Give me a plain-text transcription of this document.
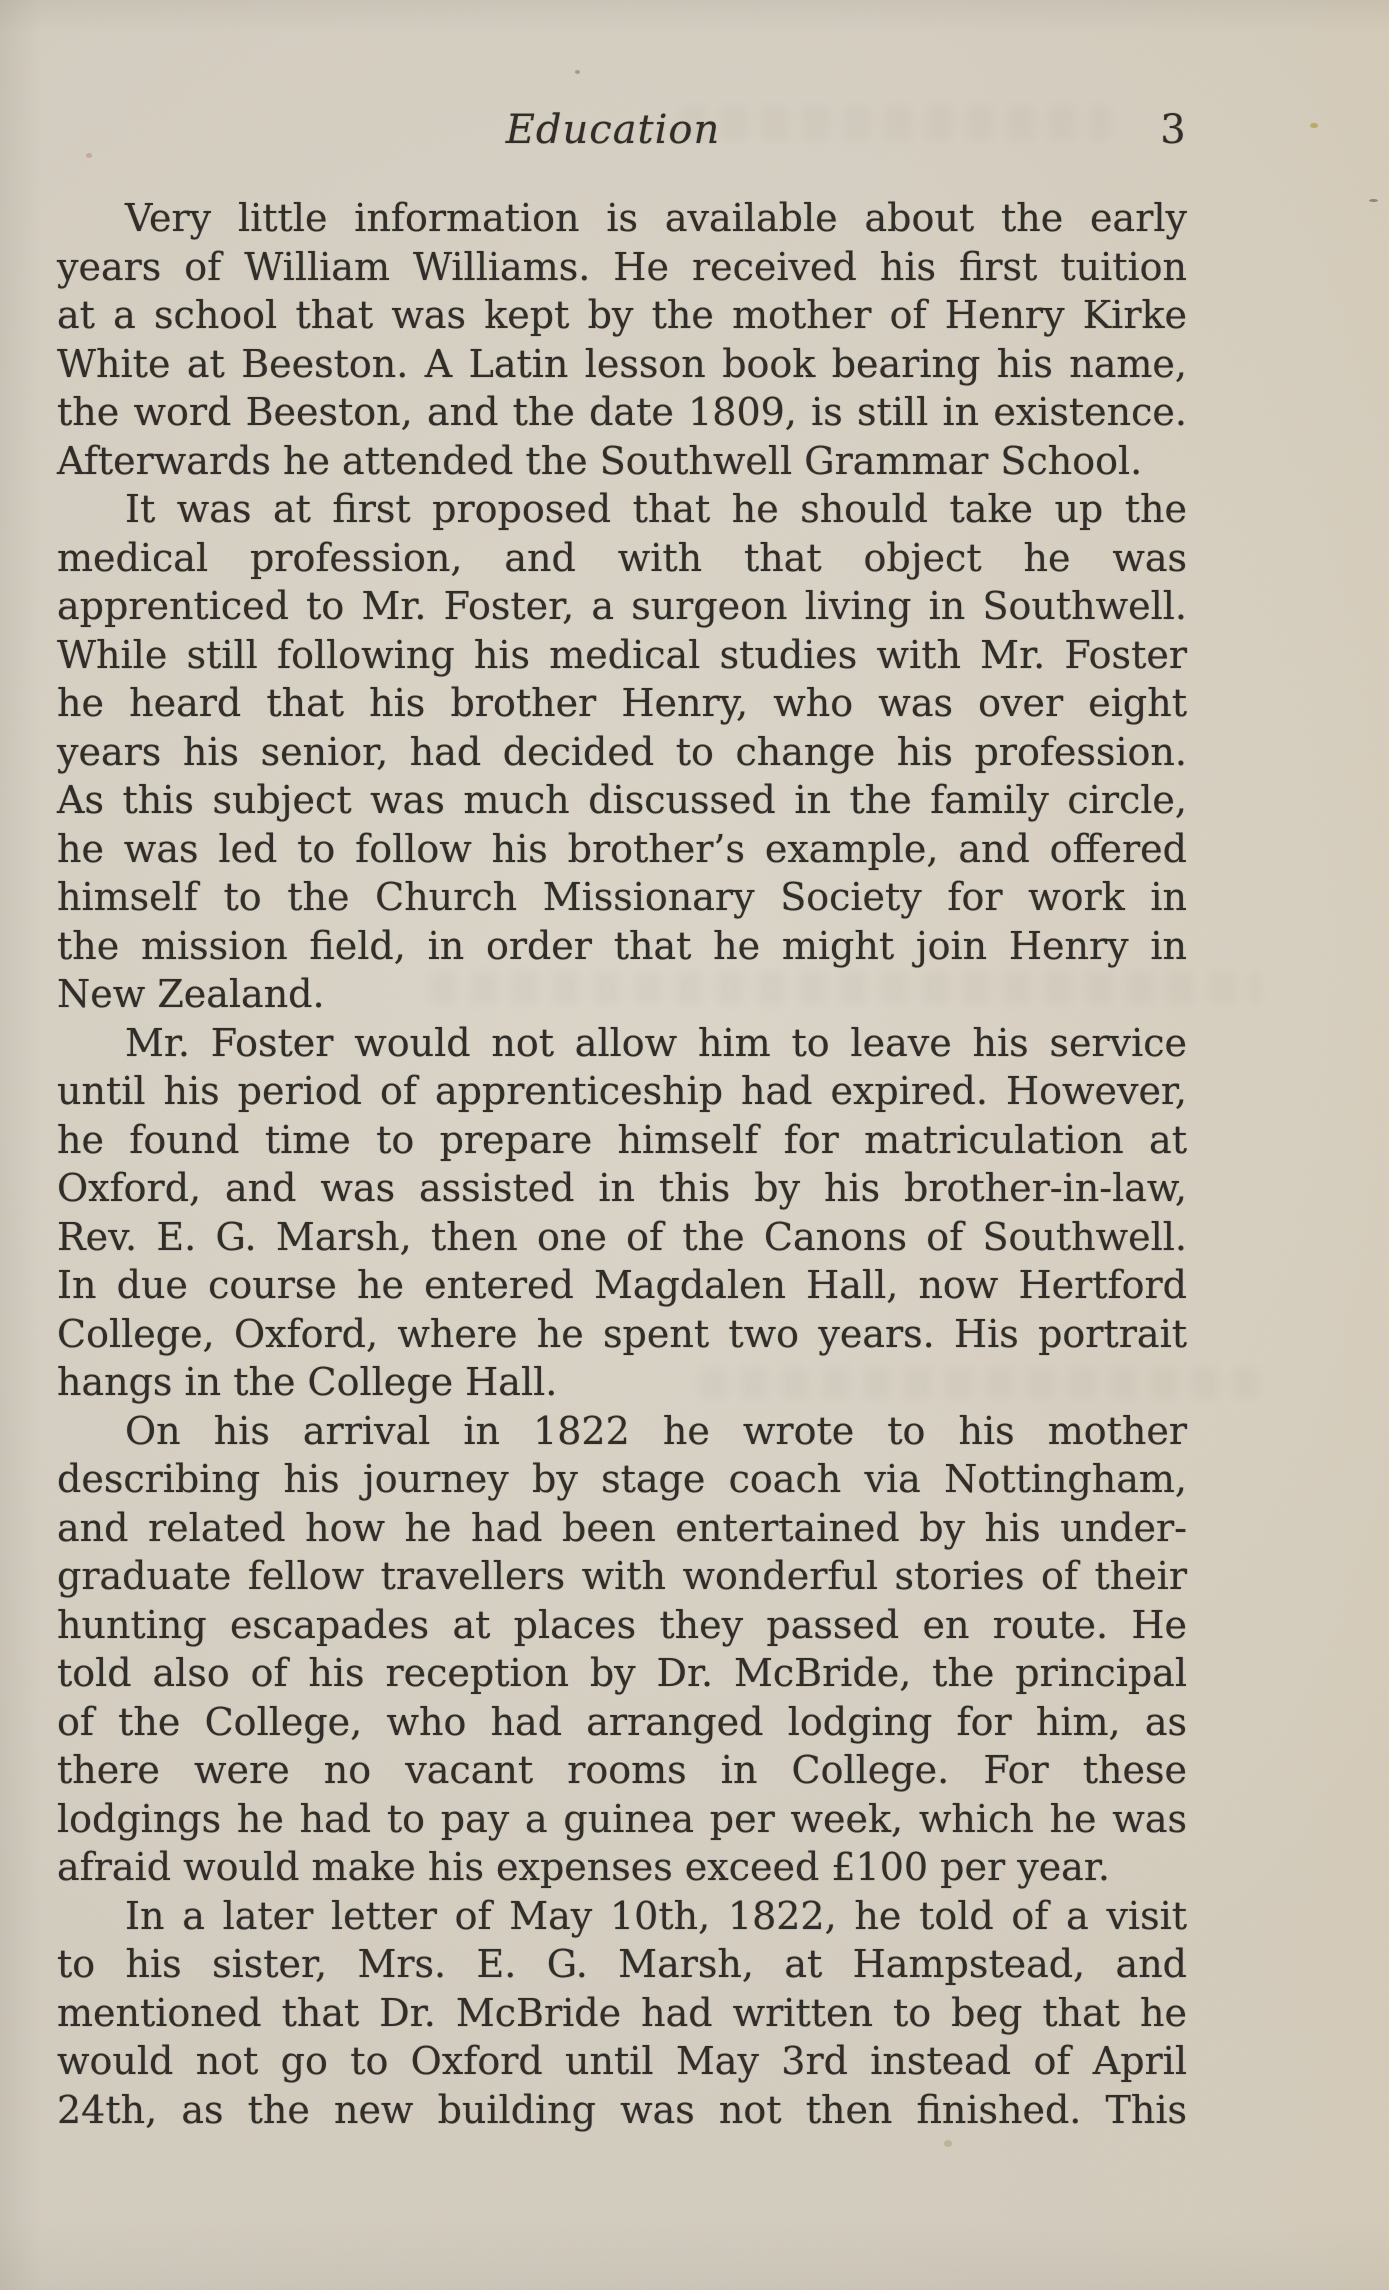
Education	3
Very little information is available about the early
years of William Williams. He received his first tuition
at a school that was kept by the mother of Henry Kirke
White at Beeston. A Latin lesson book bearing his name,
the word Beeston, and the date 1809, is still in existence.
Afterwards he attended the Southwell Grammar School.
It was at first proposed that he should take up the
medical profession, and with that object he was
apprenticed to Mr. Foster, a surgeon living in Southwell.
While still following his medical studies with Mr. Foster
he heard that his brother Henry, who was over eight
years his senior, had decided to change his profession.
As this subject was much discussed in the family circle,
he was led to follow his brother’s example, and offered
himself to the Church Missionary Society for work in
the mission field, in order that he might join Henry in
New Zealand.
Mr. Foster would not allow him to leave his service
until his period of apprenticeship had expired. However,
he found time to prepare himself for matriculation at
Oxford, and was assisted in this by his brother-in-law,
Rev. E. G. Marsh, then one of the Canons of Southwell.
In due course he entered Magdalen Hall, now Hertford
College, Oxford, where he spent two years. His portrait
hangs in the College Hall.
On his arrival in 1822 he wrote to his mother
describing his journey by stage coach via Nottingham,
and related how he had been entertained by his under-
graduate fellow travellers with wonderful stories of their
hunting escapades at places they passed en route. He
told also of his reception by Dr. McBride, the principal
of the College, who had arranged lodging for him, as
there were no vacant rooms in College. For these
lodgings he had to pay a guinea per week, which he was
afraid would make his expenses exceed £100 per year.
In a later letter of May 10th, 1822, he told of a visit
to his sister, Mrs. E. G. Marsh, at Hampstead, and
mentioned that Dr. McBride had written to beg that he
would not go to Oxford until May 3rd instead of April
24th, as the new building was not then finished. This
